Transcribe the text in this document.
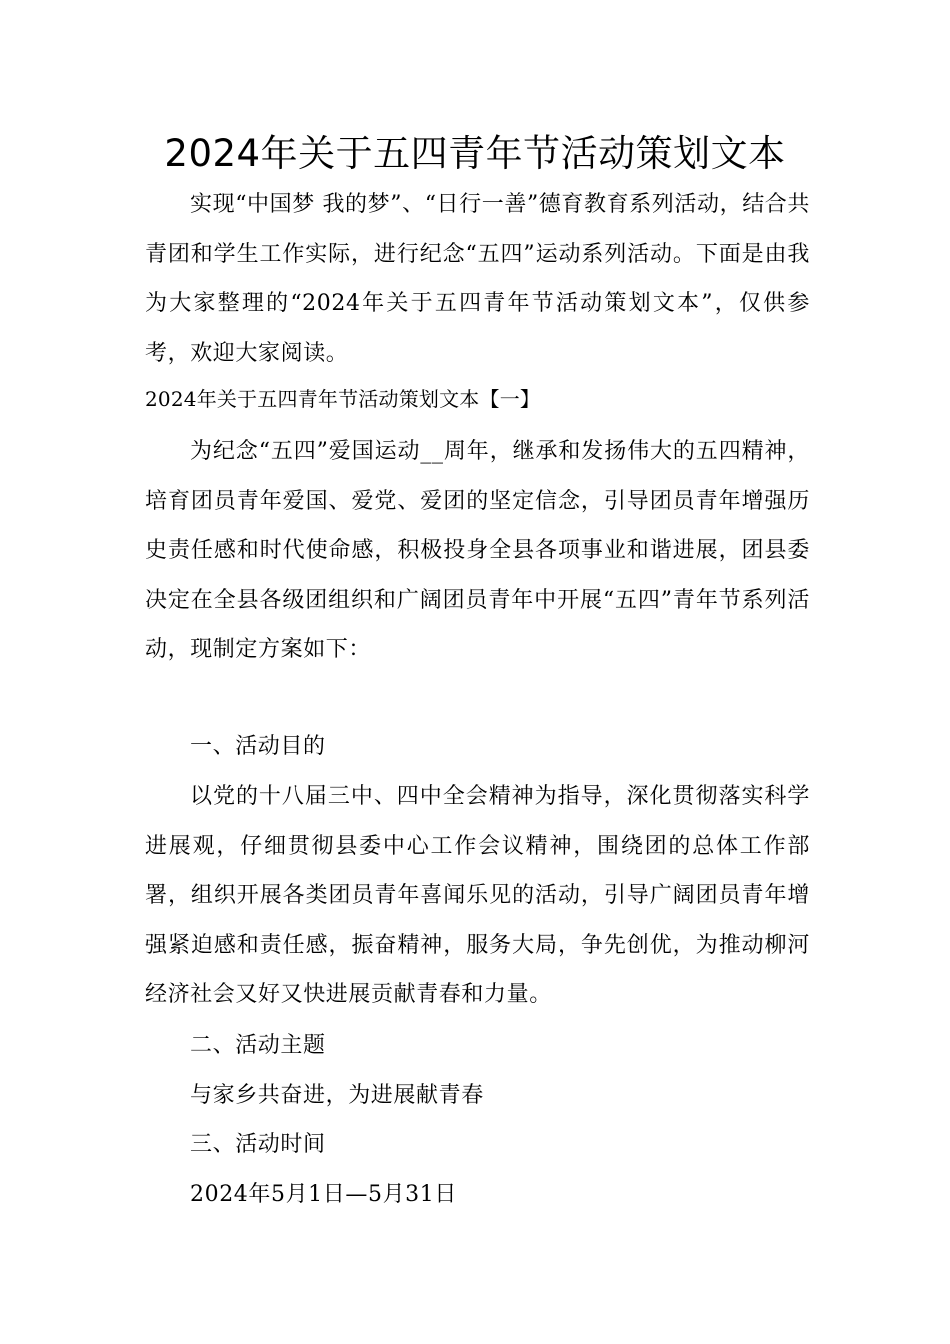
2024年关于五四青年节活动策划文本

实现“中国梦 我的梦”、“日行一善”德育教育系列活动，结合共青团和学生工作实际，进行纪念“五四”运动系列活动。下面是由我为大家整理的“2024年关于五四青年节活动策划文本”，仅供参考，欢迎大家阅读。

2024年关于五四青年节活动策划文本【一】

为纪念“五四”爱国运动__周年，继承和发扬伟大的五四精神，培育团员青年爱国、爱党、爱团的坚定信念，引导团员青年增强历史责任感和时代使命感，积极投身全县各项事业和谐进展，团县委决定在全县各级团组织和广阔团员青年中开展“五四”青年节系列活动，现制定方案如下：

一、活动目的

以党的十八届三中、四中全会精神为指导，深化贯彻落实科学进展观，仔细贯彻县委中心工作会议精神，围绕团的总体工作部署，组织开展各类团员青年喜闻乐见的活动，引导广阔团员青年增强紧迫感和责任感，振奋精神，服务大局，争先创优，为推动柳河经济社会又好又快进展贡献青春和力量。

二、活动主题

与家乡共奋进，为进展献青春

三、活动时间

2024年5月1日—5月31日
